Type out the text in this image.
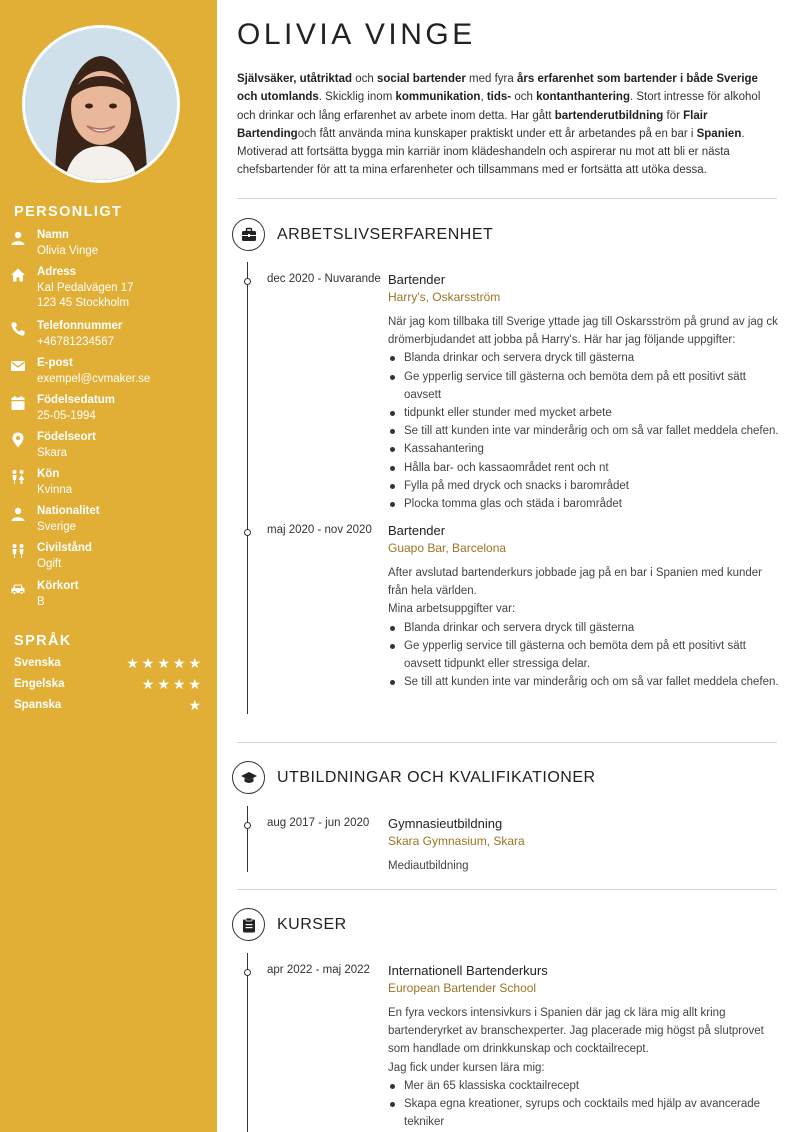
PERSONLIGT
Namn
Olivia Vinge
Adress
Kal Pedalvägen 17
123 45 Stockholm
Telefonnummer
+46781234567
E-post
exempel@cvmaker.se
Födelsedatum
25-05-1994
Födelseort
Skara
Kön
Kvinna
Nationalitet
Sverige
Civilstånd
Ogift
Körkort
B
SPRÅK
Svenska	★★★★★
Engelska	★★★★
Spanska	★
OLIVIA VINGE
Självsäker, utåtriktad och social bartender med fyra års erfarenhet som bartender i både Sverige och utomlands. Skicklig inom kommunikation, tids- och kontanthantering. Stort intresse för alkohol och drinkar och lång erfarenhet av arbete inom detta. Har gått bartenderutbildning för Flair Bartendingoch fått använda mina kunskaper praktiskt under ett år arbetandes på en bar i Spanien. Motiverad att fortsätta bygga min karriär inom klädeshandeln och aspirerar nu mot att bli er nästa chefsbartender för att ta mina erfarenheter och tillsammans med er fortsätta att utöka dessa.
ARBETSLIVSERFARENHET
dec 2020 - Nuvarande Bartender
Harry's, Oskarsström
När jag kom tillbaka till Sverige yttade jag till Oskarsström på grund av jag ck drömerbjudandet att jobba på Harry's. Här har jag följande uppgifter:
Blanda drinkar och servera dryck till gästerna
Ge ypperlig service till gästerna och bemöta dem på ett positivt sätt oavsett
tidpunkt eller stunder med mycket arbete
Se till att kunden inte var minderårig och om så var fallet meddela chefen.
Kassahantering
Hålla bar- och kassaområdet rent och nt
Fylla på med dryck och snacks i barområdet
Plocka tomma glas och städa i barområdet
maj 2020 - nov 2020 Bartender
Guapo Bar, Barcelona
After avslutad bartenderkurs jobbade jag på en bar i Spanien med kunder från hela världen.
Mina arbetsuppgifter var:
Blanda drinkar och servera dryck till gästerna
Ge ypperlig service till gästerna och bemöta dem på ett positivt sätt oavsett tidpunkt eller stressiga delar.
Se till att kunden inte var minderårig och om så var fallet meddela chefen.
UTBILDNINGAR OCH KVALIFIKATIONER
aug 2017 - jun 2020 Gymnasieutbildning
Skara Gymnasium, Skara
Mediautbildning
KURSER
apr 2022 - maj 2022 Internationell Bartenderkurs
European Bartender School
En fyra veckors intensivkurs i Spanien där jag ck lära mig allt kring bartenderyrket av branschexperter. Jag placerade mig högst på slutprovet som handlade om drinkkunskap och cocktailrecept.
Jag fick under kursen lära mig:
Mer än 65 klassiska cocktailrecept
Skapa egna kreationer, syrups och cocktails med hjälp av avancerade tekniker
